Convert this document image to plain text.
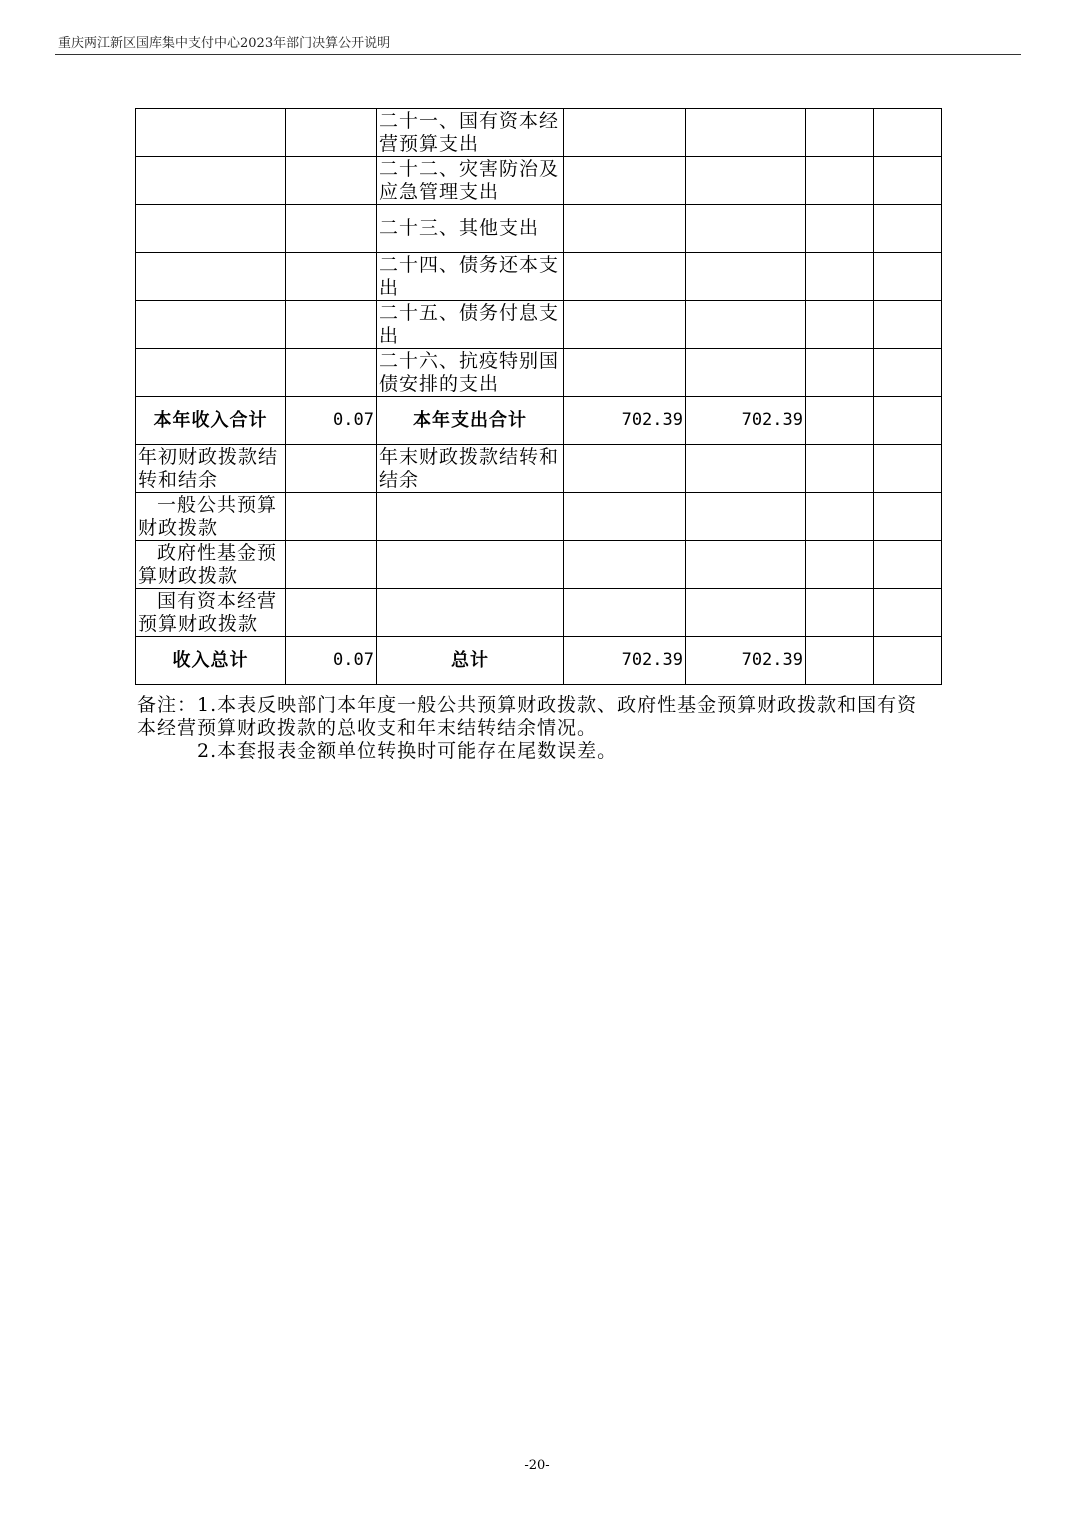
重庆两江新区国库集中支付中心2023年部门决算公开说明
		二十一、国有资本经营预算支出				
		二十二、灾害防治及应急管理支出				
		二十三、其他支出				
		二十四、债务还本支出				
		二十五、债务付息支出				
		二十六、抗疫特别国债安排的支出				
本年收入合计	0.07	本年支出合计	702.39	702.39		
年初财政拨款结转和结余		年末财政拨款结转和结余				
一般公共预算财政拨款						
政府性基金预算财政拨款						
国有资本经营预算财政拨款						
收入总计	0.07	总计	702.39	702.39		
备注：1.本表反映部门本年度一般公共预算财政拨款、政府性基金预算财政拨款和国有资本经营预算财政拨款的总收支和年末结转结余情况。
2.本套报表金额单位转换时可能存在尾数误差。
-20-
